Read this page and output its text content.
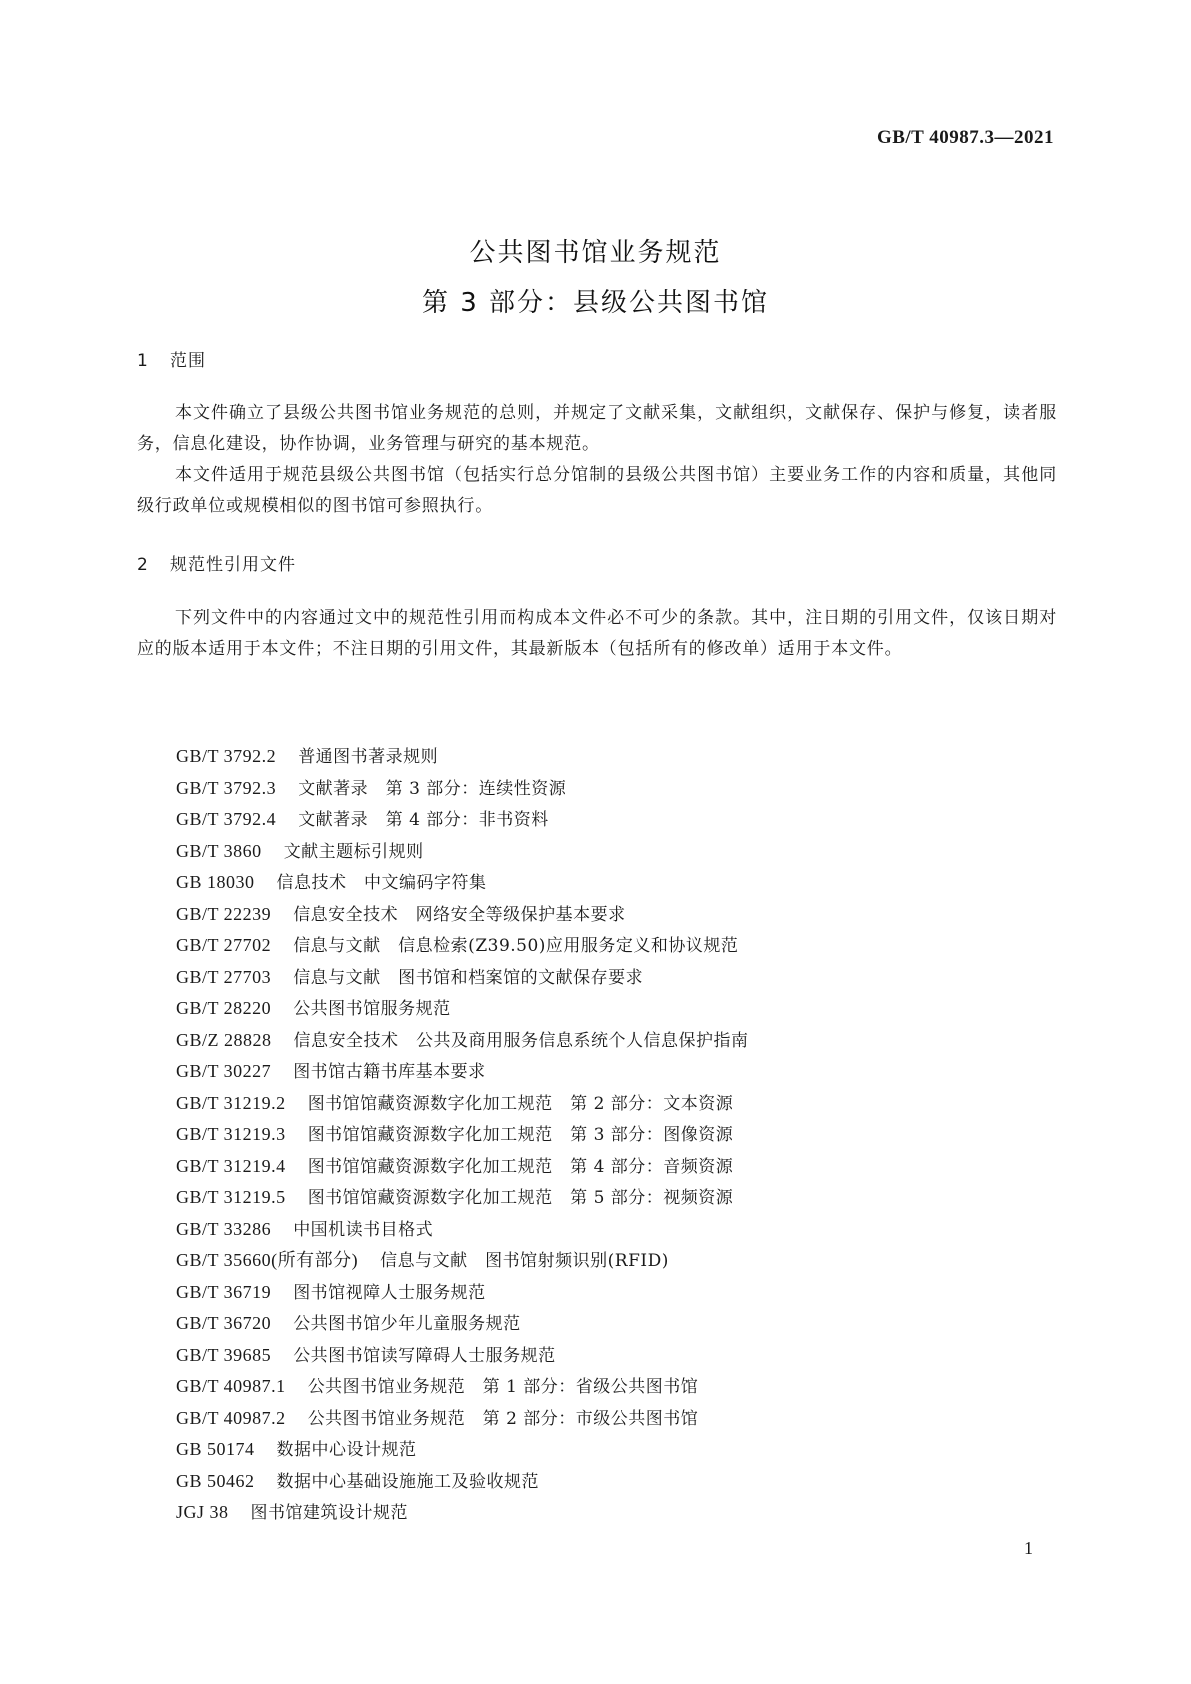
GB/T 40987.3—2021
公共图书馆业务规范
第 3 部分：县级公共图书馆
1 范围

本文件确立了县级公共图书馆业务规范的总则，并规定了文献采集，文献组织，文献保存、保护与修复，读者服务，信息化建设，协作协调，业务管理与研究的基本规范。

本文件适用于规范县级公共图书馆（包括实行总分馆制的县级公共图书馆）主要业务工作的内容和质量，其他同级行政单位或规模相似的图书馆可参照执行。

2 规范性引用文件

下列文件中的内容通过文中的规范性引用而构成本文件必不可少的条款。其中，注日期的引用文件，仅该日期对应的版本适用于本文件；不注日期的引用文件，其最新版本（包括所有的修改单）适用于本文件。

GB/T 3792.2 普通图书著录规则
GB/T 3792.3 文献著录　第 3 部分：连续性资源
GB/T 3792.4 文献著录　第 4 部分：非书资料
GB/T 3860 文献主题标引规则
GB 18030 信息技术　中文编码字符集
GB/T 22239 信息安全技术　网络安全等级保护基本要求
GB/T 27702 信息与文献　信息检索(Z39.50)应用服务定义和协议规范
GB/T 27703 信息与文献　图书馆和档案馆的文献保存要求
GB/T 28220 公共图书馆服务规范
GB/Z 28828 信息安全技术　公共及商用服务信息系统个人信息保护指南
GB/T 30227 图书馆古籍书库基本要求
GB/T 31219.2 图书馆馆藏资源数字化加工规范　第 2 部分：文本资源
GB/T 31219.3 图书馆馆藏资源数字化加工规范　第 3 部分：图像资源
GB/T 31219.4 图书馆馆藏资源数字化加工规范　第 4 部分：音频资源
GB/T 31219.5 图书馆馆藏资源数字化加工规范　第 5 部分：视频资源
GB/T 33286 中国机读书目格式
GB/T 35660(所有部分) 信息与文献　图书馆射频识别(RFID)
GB/T 36719 图书馆视障人士服务规范
GB/T 36720 公共图书馆少年儿童服务规范
GB/T 39685 公共图书馆读写障碍人士服务规范
GB/T 40987.1 公共图书馆业务规范　第 1 部分：省级公共图书馆
GB/T 40987.2 公共图书馆业务规范　第 2 部分：市级公共图书馆
GB 50174 数据中心设计规范
GB 50462 数据中心基础设施施工及验收规范
JGJ 38 图书馆建筑设计规范
1
